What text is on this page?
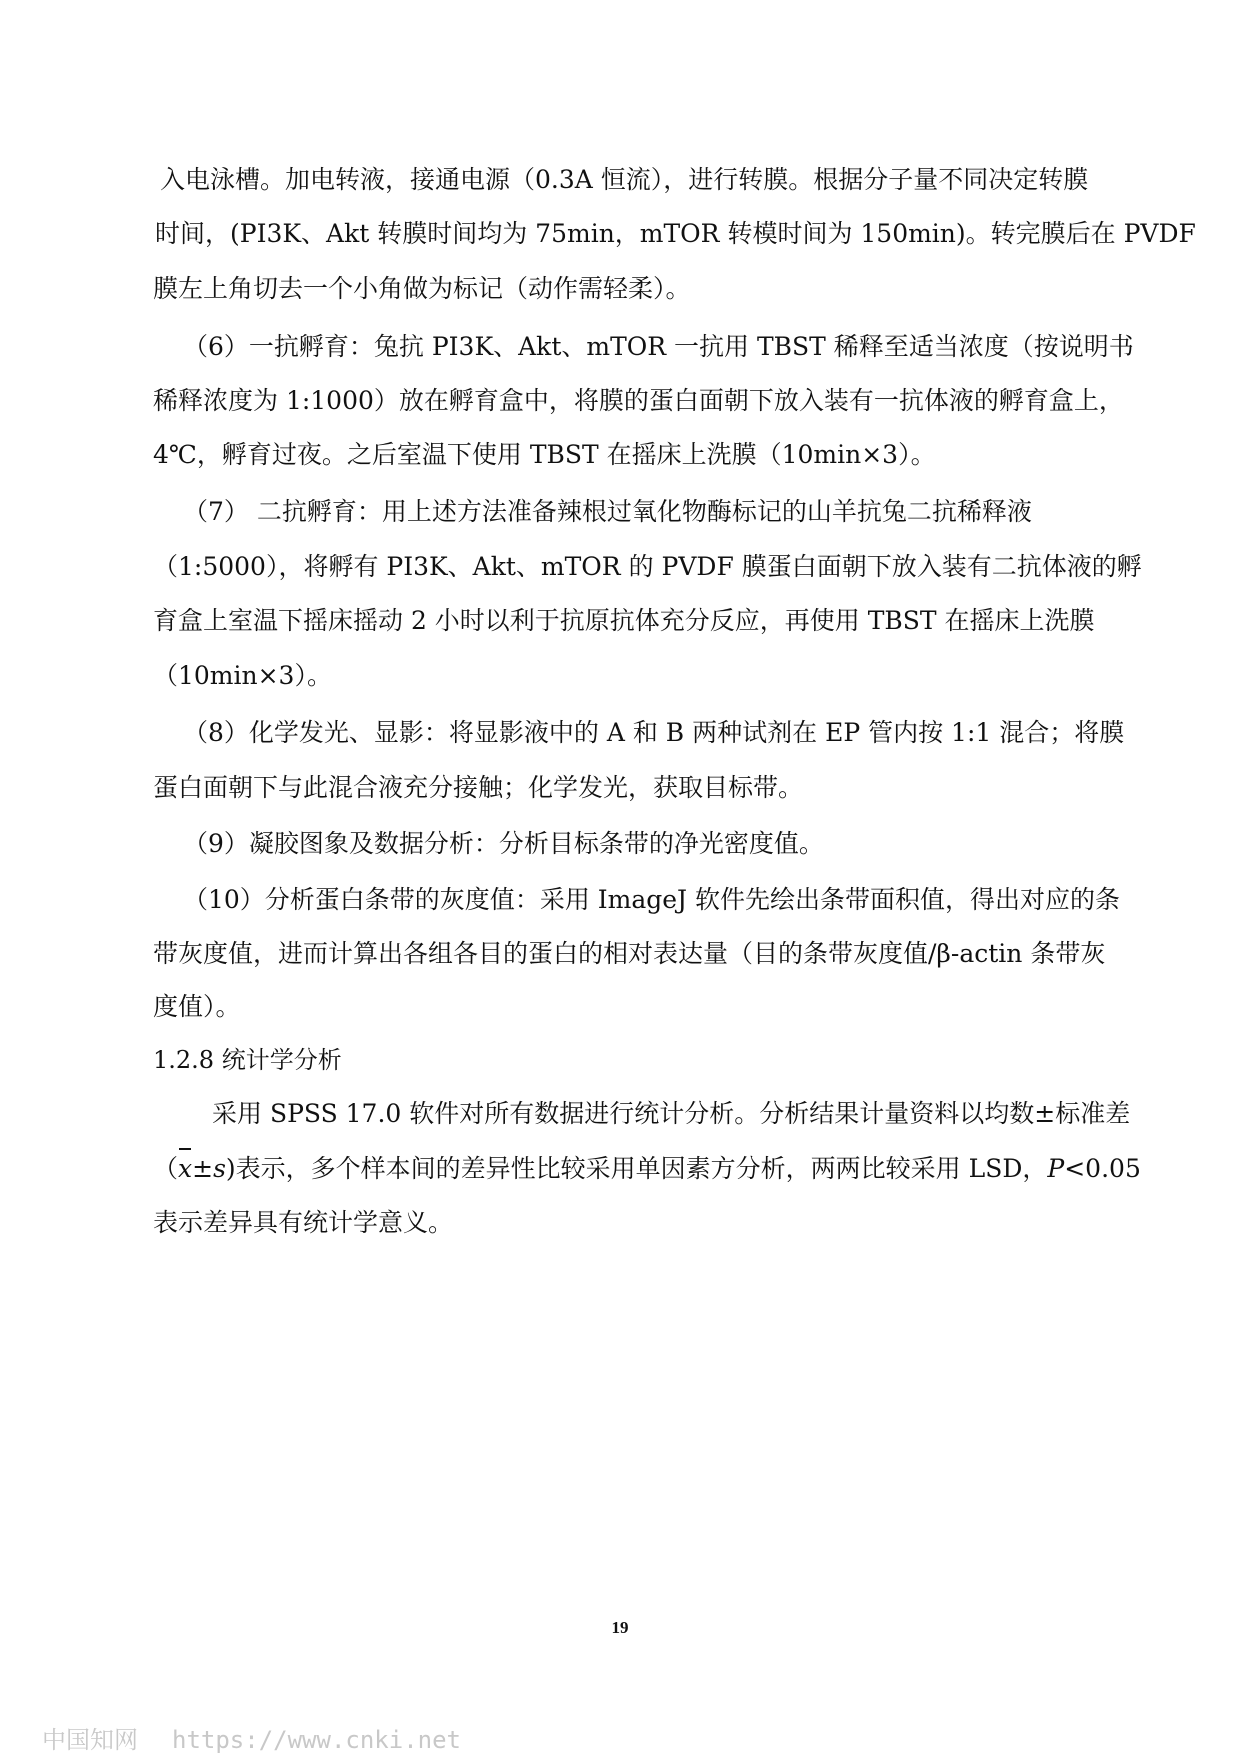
入电泳槽。加电转液，接通电源（0.3A 恒流），进行转膜。根据分子量不同决定转膜
时间，(PI3K、Akt 转膜时间均为 75min，mTOR 转模时间为 150min)。转完膜后在 PVDF
膜左上角切去一个小角做为标记（动作需轻柔）。
（6）一抗孵育：兔抗 PI3K、Akt、mTOR 一抗用 TBST 稀释至适当浓度（按说明书
稀释浓度为 1:1000）放在孵育盒中，将膜的蛋白面朝下放入装有一抗体液的孵育盒上，
4℃，孵育过夜。之后室温下使用 TBST 在摇床上洗膜（10min×3）。
（7） 二抗孵育：用上述方法准备辣根过氧化物酶标记的山羊抗兔二抗稀释液
（1:5000），将孵有 PI3K、Akt、mTOR 的 PVDF 膜蛋白面朝下放入装有二抗体液的孵
育盒上室温下摇床摇动 2 小时以利于抗原抗体充分反应，再使用 TBST 在摇床上洗膜
（10min×3）。
（8）化学发光、显影：将显影液中的 A 和 B 两种试剂在 EP 管内按 1:1 混合；将膜
蛋白面朝下与此混合液充分接触；化学发光，获取目标带。
（9）凝胶图象及数据分析：分析目标条带的净光密度值。
（10）分析蛋白条带的灰度值：采用 ImageJ 软件先绘出条带面积值，得出对应的条
带灰度值，进而计算出各组各目的蛋白的相对表达量（目的条带灰度值/β-actin 条带灰
度值）。
1.2.8 统计学分析
采用 SPSS 17.0 软件对所有数据进行统计分析。分析结果计量资料以均数±标准差
（x±s)表示，多个样本间的差异性比较采用单因素方分析，两两比较采用 LSD，P<0.05
表示差异具有统计学意义。
19
中国知网 https://www.cnki.net
